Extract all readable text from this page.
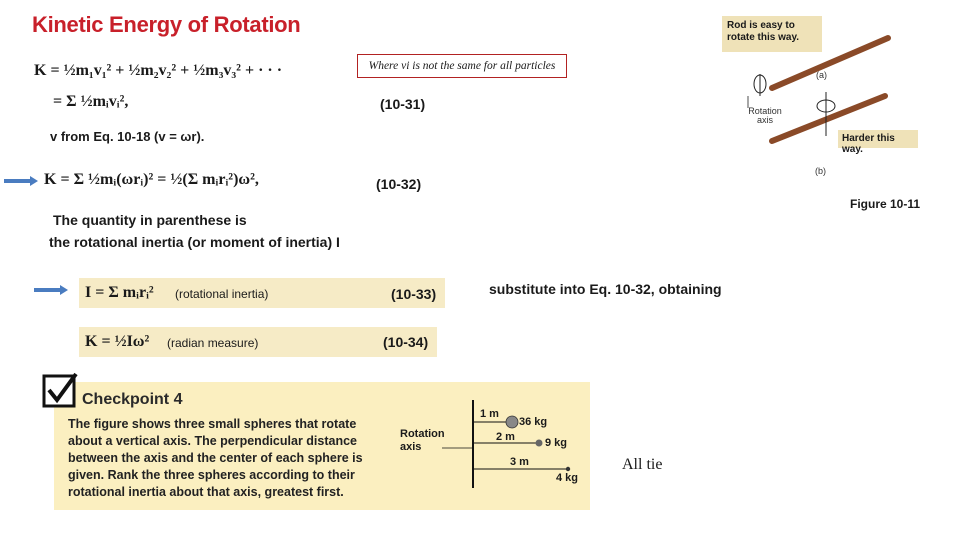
Kinetic Energy of Rotation
Where vi is not the same for all particles
K = ½m₁v₁² + ½m₂v₂² + ½m₃v₃² + · · ·
= Σ ½mᵢvᵢ²,	(10-31)
v from Eq. 10-18 (v = ωr).
K = Σ ½mᵢ(ωrᵢ)² = ½(Σ mᵢrᵢ²)ω²,	(10-32)
The quantity in parenthese is
the rotational inertia (or moment of inertia) I
I = Σ mᵢrᵢ² (rotational inertia)	(10-33)	substitute into Eq. 10-32, obtaining
K = ½Iω² (radian measure)	(10-34)
Rod is easy to rotate this way.
Rotation axis
(a)
(b)
Harder this way.
Figure 10-11
Checkpoint 4
The figure shows three small spheres that rotate
about a vertical axis. The perpendicular distance
between the axis and the center of each sphere is
given. Rank the three spheres according to their
rotational inertia about that axis, greatest first.
Rotation axis
1 m
36 kg
2 m	9 kg
3 m
4 kg
All tie
